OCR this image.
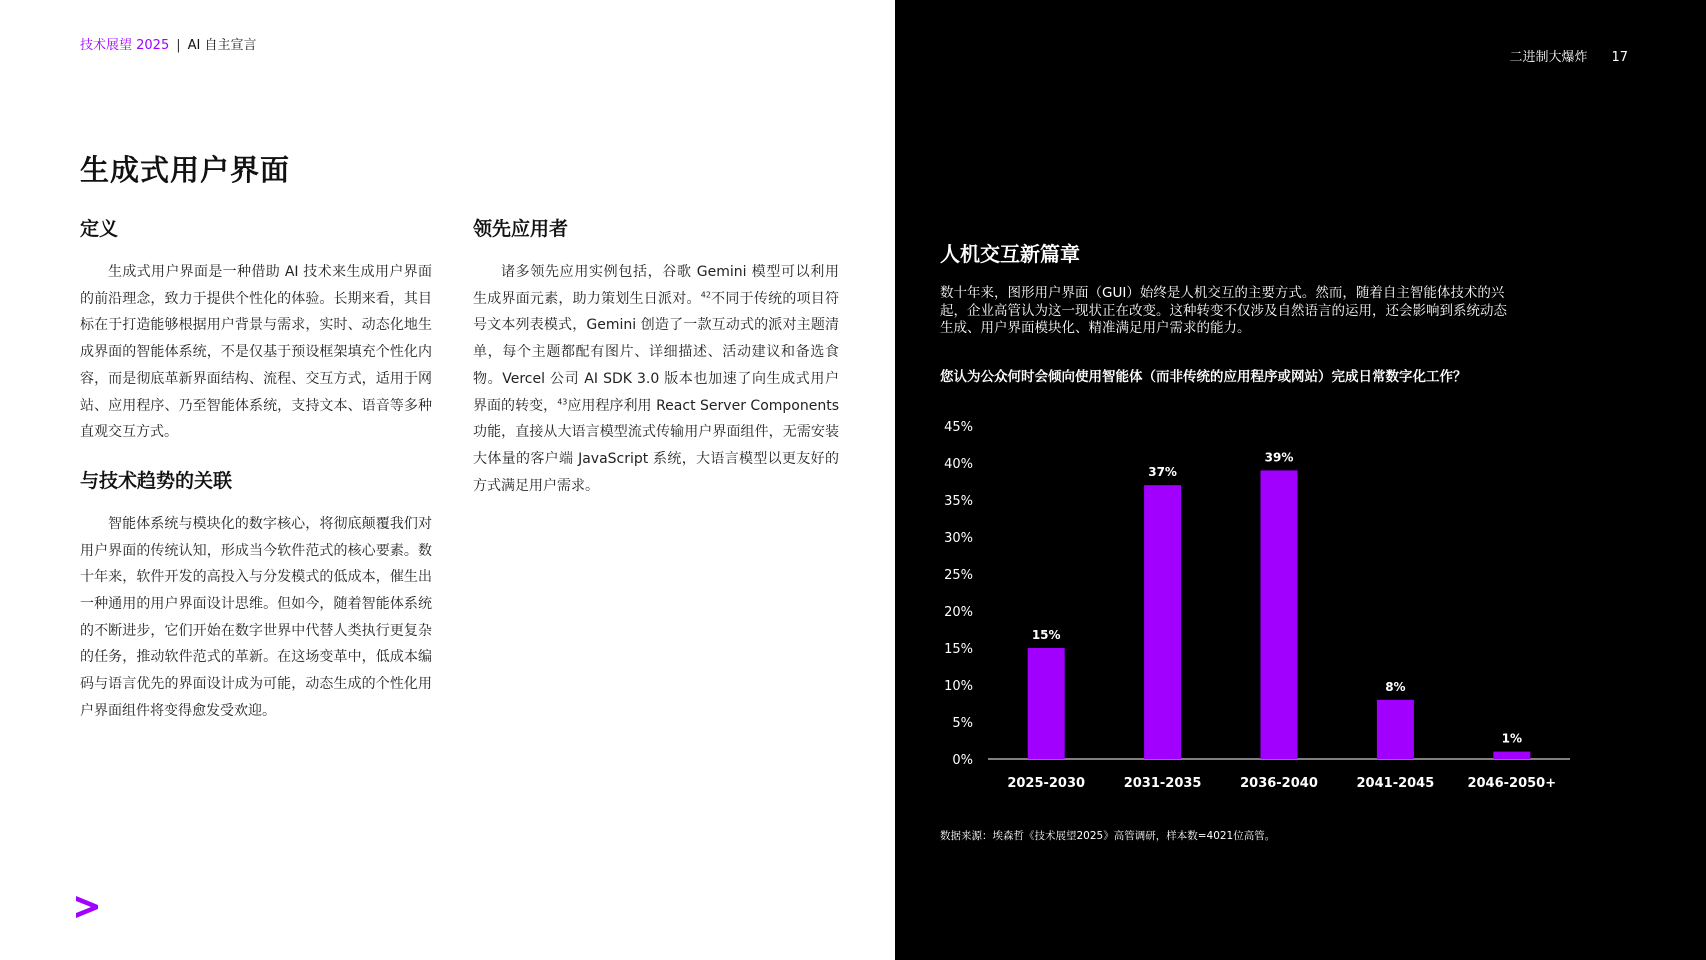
技术展望 2025 | AI 自主宣言
生成式用户界面
定义

生成式用户界面是一种借助 AI 技术来生成用户界面的前沿理念，致力于提供个性化的体验。长期来看，其目标在于打造能够根据用户背景与需求，实时、动态化地生成界面的智能体系统，不是仅基于预设框架填充个性化内容，而是彻底革新界面结构、流程、交互方式，适用于网站、应用程序、乃至智能体系统，支持文本、语音等多种直观交互方式。

与技术趋势的关联

智能体系统与模块化的数字核心，将彻底颠覆我们对用户界面的传统认知，形成当今软件范式的核心要素。数十年来，软件开发的高投入与分发模式的低成本，催生出一种通用的用户界面设计思维。但如今，随着智能体系统的不断进步，它们开始在数字世界中代替人类执行更复杂的任务，推动软件范式的革新。在这场变革中，低成本编码与语言优先的界面设计成为可能，动态生成的个性化用户界面组件将变得愈发受欢迎。

领先应用者

诸多领先应用实例包括，谷歌 Gemini 模型可以利用生成界面元素，助力策划生日派对。$^{42}$不同于传统的项目符号文本列表模式，Gemini 创造了一款互动式的派对主题清单，每个主题都配有图片、详细描述、活动建议和备选食物。Vercel 公司 AI SDK 3.0 版本也加速了向生成式用户界面的转变，$^{43}$应用程序利用 React Server Components 功能，直接从大语言模型流式传输用户界面组件，无需安装大体量的客户端 JavaScript 系统，大语言模型以更友好的方式满足用户需求。

二进制大爆炸 17
人机交互新篇章

数十年来，图形用户界面（GUI）始终是人机交互的主要方式。然而，随着自主智能体技术的兴起，企业高管认为这一现状正在改变。这种转变不仅涉及自然语言的运用，还会影响到系统动态生成、用户界面模块化、精准满足用户需求的能力。

您认为公众何时会倾向使用智能体（而非传统的应用程序或网站）完成日常数字化工作？

0%
5%
10%
15%
20%
25%
30%
35%
40%
45%
15%
2025-2030
37%
2031-2035
39%
2036-2040
8%
2041-2045
1%
2046-2050+

数据来源：埃森哲《技术展望2025》高管调研，样本数=4021位高管。
